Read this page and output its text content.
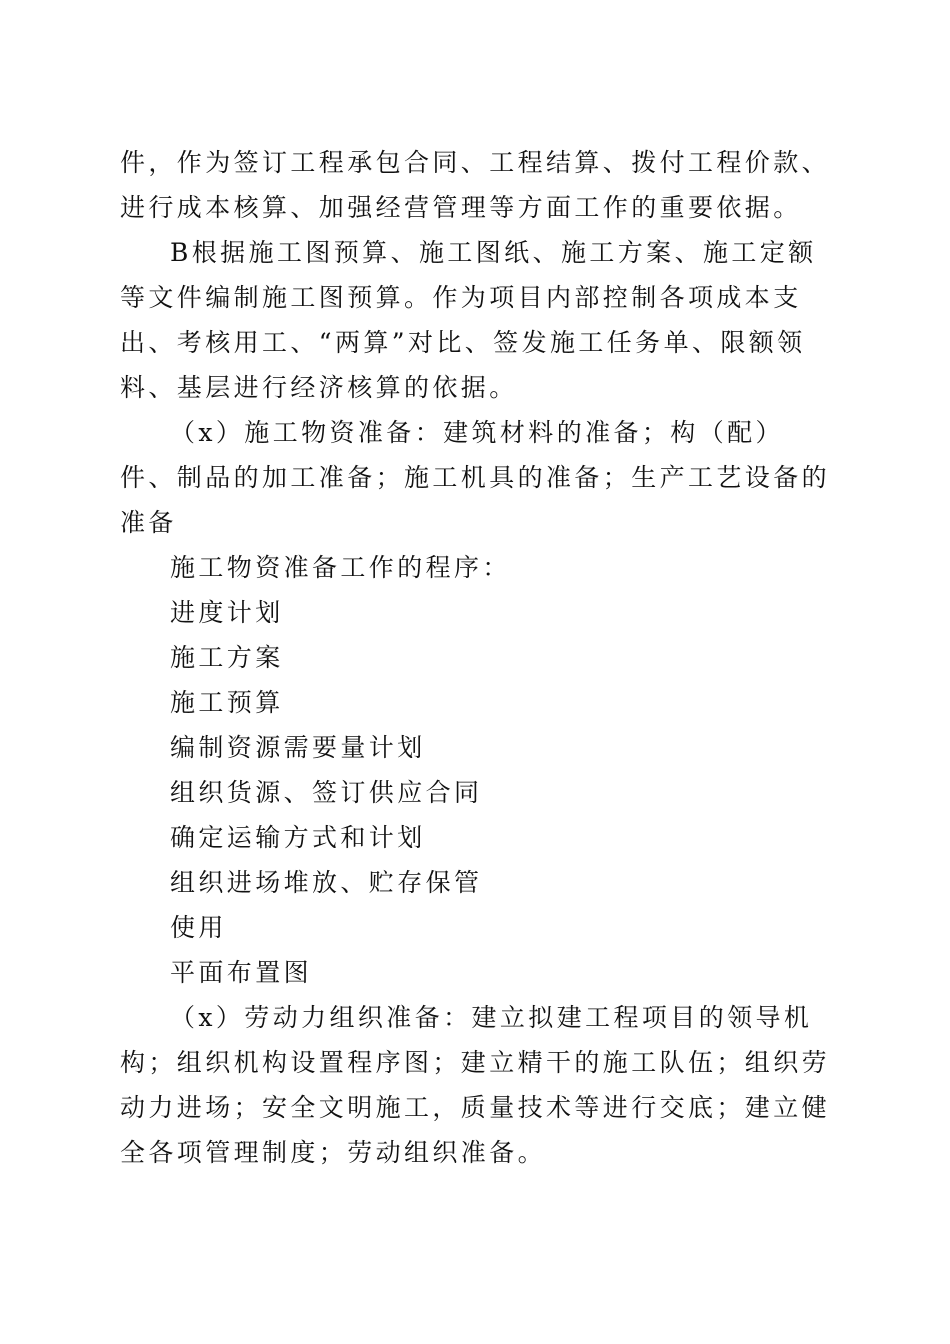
件，作为签订工程承包合同、工程结算、拨付工程价款、进行成本核算、加强经营管理等方面工作的重要依据。

B根据施工图预算、施工图纸、施工方案、施工定额等文件编制施工图预算。作为项目内部控制各项成本支出、考核用工、“两算”对比、签发施工任务单、限额领料、基层进行经济核算的依据。

（x）施工物资准备：建筑材料的准备；构（配）件、制品的加工准备；施工机具的准备；生产工艺设备的准备

施工物资准备工作的程序：

进度计划

施工方案

施工预算

编制资源需要量计划

组织货源、签订供应合同

确定运输方式和计划

组织进场堆放、贮存保管

使用

平面布置图

（x）劳动力组织准备：建立拟建工程项目的领导机构；组织机构设置程序图；建立精干的施工队伍；组织劳动力进场；安全文明施工，质量技术等进行交底；建立健全各项管理制度；劳动组织准备。
